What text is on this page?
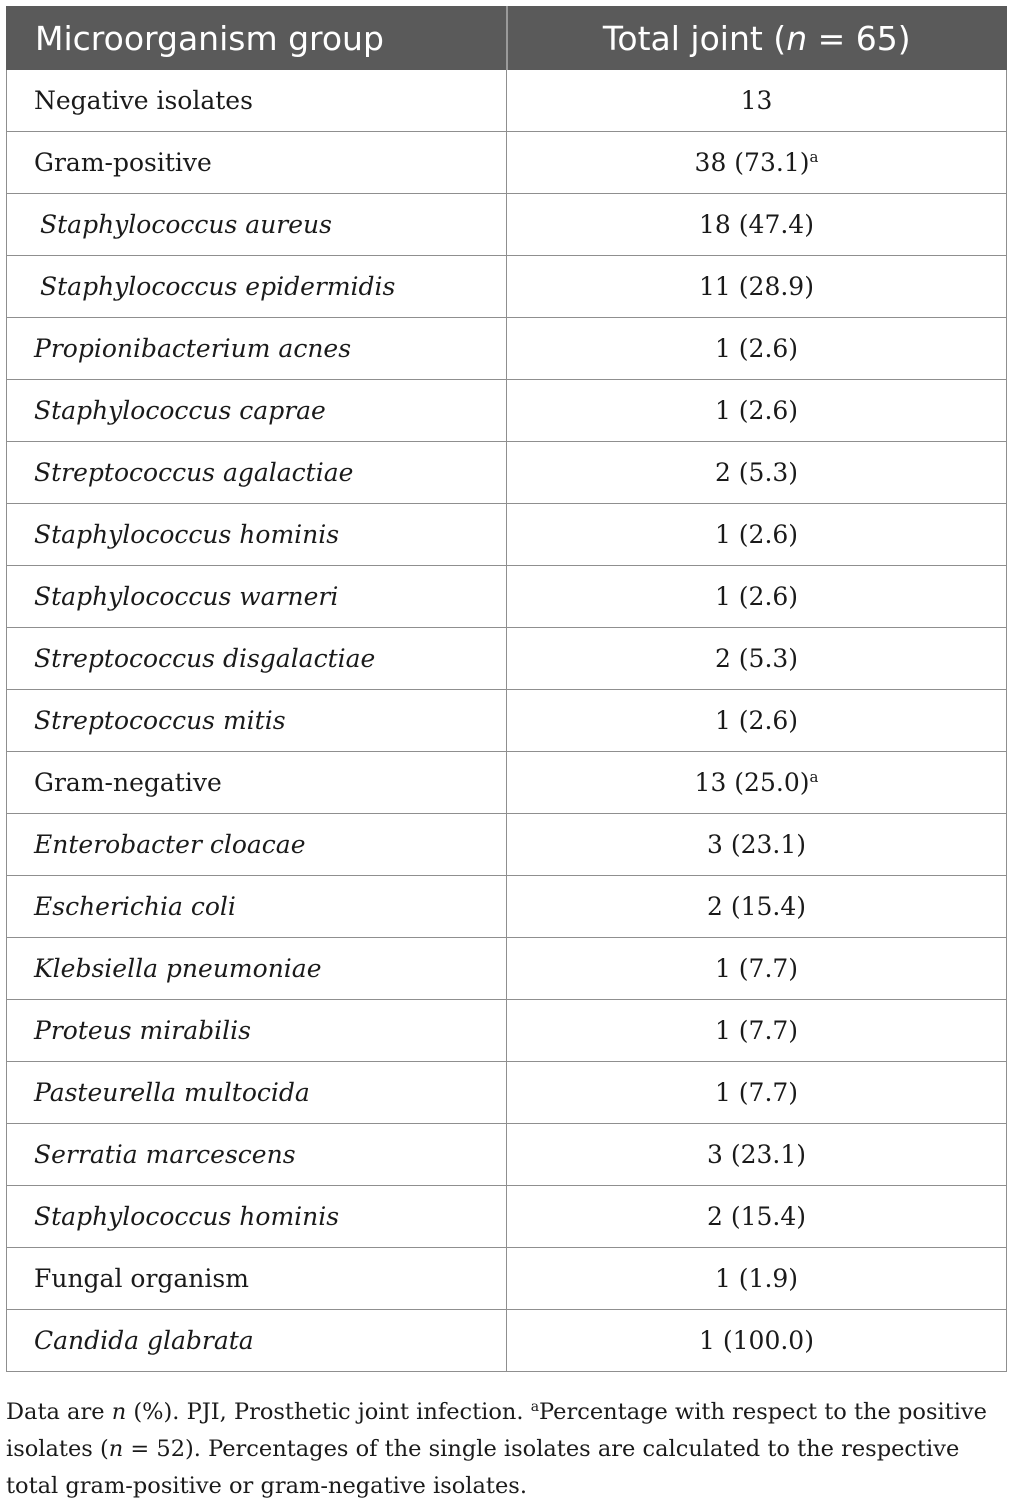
Microorganism group	Total joint (n = 65)
Negative isolates	13
Gram-positive	38 $(73.1)^a$
Staphylococcus aureus	18 (47.4)
Staphylococcus epidermidis	11 (28.9)
Propionibacterium acnes	1 (2.6)
Staphylococcus caprae	1 (2.6)
Streptococcus agalactiae	2 (5.3)
Staphylococcus hominis	1 (2.6)
Staphylococcus warneri	1 (2.6)
Streptococcus disgalactiae	2 (5.3)
Streptococcus mitis	1 (2.6)
Gram-negative	13 $(25.0)^a$
Enterobacter cloacae	3 (23.1)
Escherichia coli	2 (15.4)
Klebsiella pneumoniae	1 (7.7)
Proteus mirabilis	1 (7.7)
Pasteurella multocida	1 (7.7)
Serratia marcescens	3 (23.1)
Staphylococcus hominis	2 (15.4)
Fungal organism	1 (1.9)
Candida glabrata	1 (100.0)
Data are n (%). PJI, Prosthetic joint infection. $^a$Percentage with respect to the positive isolates (n = 52). Percentages of the single isolates are calculated to the respective total gram-positive or gram-negative isolates.
